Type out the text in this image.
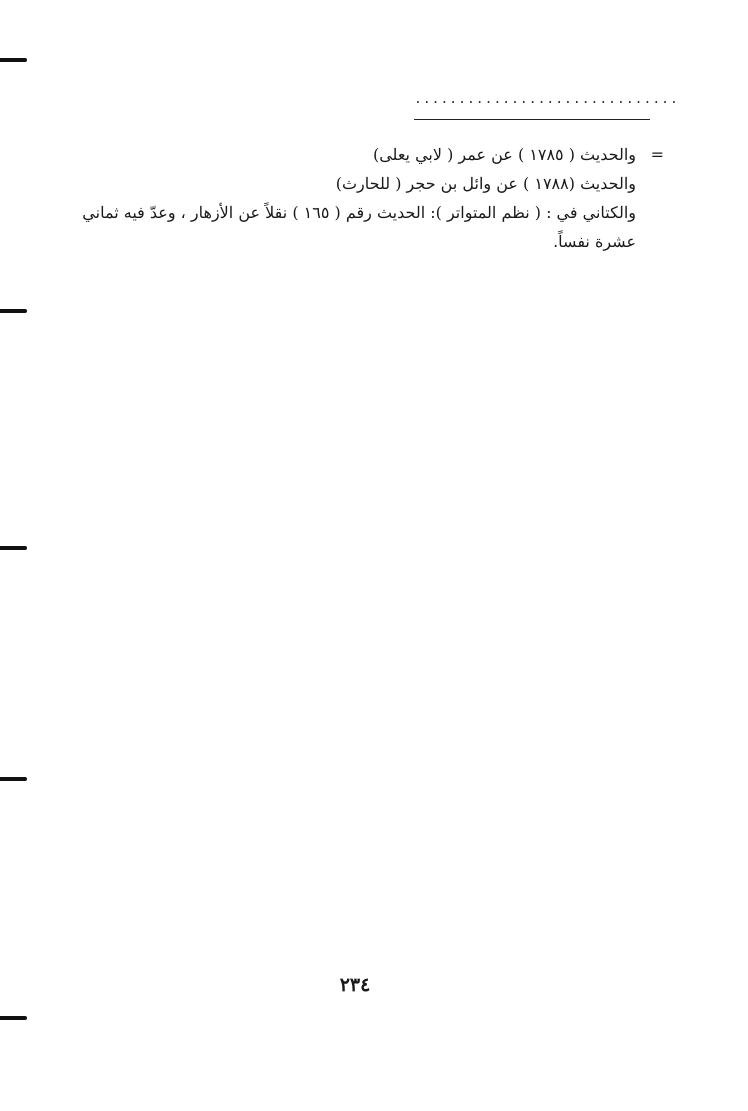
..............................
=
والحديث ( ١٧٨٥ ) عن عمر ( لابي يعلى)
والحديث (١٧٨٨ ) عن وائل بن حجر ( للحارث)
والكتاني في : ( نظم المتواتر ): الحديث رقم ( ١٦٥ ) نقلاً عن الأزهار ، وعدّ فيه ثماني
عشرة نفساً.
٢٣٤
